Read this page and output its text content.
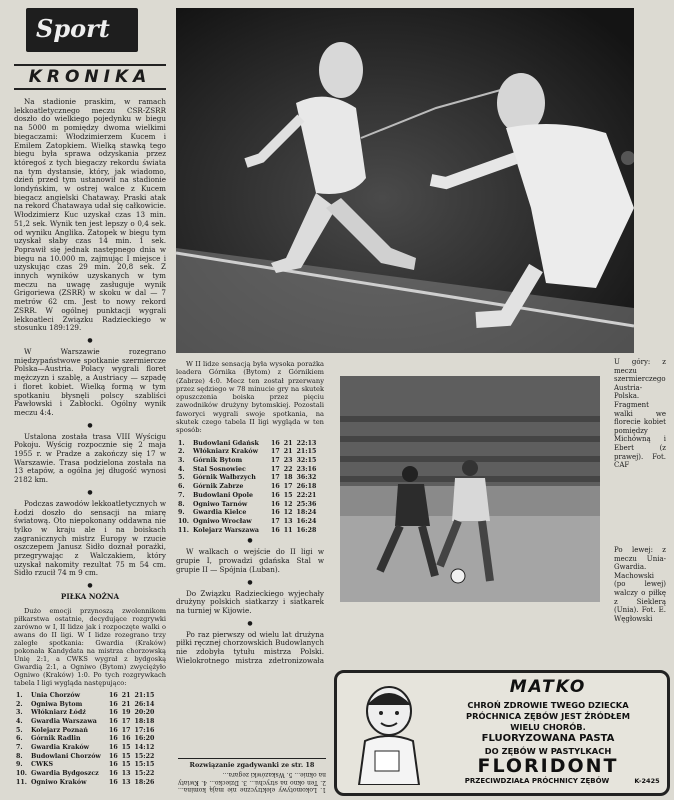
Sport
KRONIKA

Na stadionie praskim, w ramach lekkoatletycznego meczu CSR-ZSRR doszło do wielkiego pojedynku w biegu na 5000 m pomiędzy dwoma wielkimi biegaczami: Włodzimierzem Kucem i Emilem Zatopkiem. Wielką stawką tego biegu była sprawa odzyskania przez któregoś z tych biegaczy rekordu świata na tym dystansie, który, jak wiadomo, dzień przed tym ustanowił na stadionie londyńskim, w ostrej walce z Kucem biegacz angielski Chataway. Praski atak na rekord Chatawaya udał się całkowicie. Włodzimierz Kuc uzyskał czas 13 min. 51,2 sek. Wynik ten jest lepszy o 0,4 sek. od wyniku Anglika. Zatopek w biegu tym uzyskał słaby czas 14 min. 1 sek. Poprawił się jednak następnego dnia w biegu na 10.000 m, zajmując I miejsce i uzyskując czas 29 min. 20,8 sek. Z innych wyników uzyskanych w tym meczu na uwagę zasługuje wynik Grigoriewa (ZSRR) w skoku w dal — 7 metrów 62 cm. Jest to nowy rekord ZSRR. W ogólnej punktacji wygrali lekkoatleci Związku Radzieckiego w stosunku 189:129.

●

W Warszawie rozegrano międzypaństwowe spotkanie szermiercze Polska—Austria. Polacy wygrali floret mężczyzn i szablę, a Austriacy — szpadę i floret kobiet. Wielką formą w tym spotkaniu błysnęli polscy szabliści Pawłowski i Zabłocki. Ogólny wynik meczu 4:4.

●

Ustalona została trasa VIII Wyścigu Pokoju. Wyścig rozpocznie się 2 maja 1955 r. w Pradze a zakończy się 17 w Warszawie. Trasa podzielona została na 13 etapów, a ogólna jej długość wynosi 2182 km.

●

Podczas zawodów lekkoatletycznych w Łodzi doszło do sensacji na miarę światową. Oto niepokonany oddawna nie tylko w kraju ale i na boiskach zagranicznych mistrz Europy w rzucie oszczepem Janusz Sidło doznał porażki, przegrywając z Walczakiem, który uzyskał nakomity rezultat 75 m 54 cm. Sidło rzucił 74 m 9 cm.

●

PIŁKA NOŻNA

Dużo emocji przynoszą zwolennikom piłkarstwa ostatnie, decydujące rozgrywki zarówno w I, II lidze jak i rozpoczęte walki o awans do II ligi. W I lidze rozegrano trzy zaległe spotkania: Gwardia (Kraków) pokonała Kandydata na mistrza chorzowską Unię 2:1, a CWKS wygrał z bydgoską Gwardią 2:1, a Ogniwo (Bytom) zwyciężyło Ogniwo (Kraków) 1:0. Po tych rozgrywkach tabela I ligi wygląda następująco:

1.	Unia Chorzów	16	21	21:15
2.	Ogniwa Bytom	16	21	26:14
3.	Włókniarz Łódź	16	19	20:20
4.	Gwardia Warszawa	16	17	18:18
5.	Kolejarz Poznań	16	17	17:16
6.	Górnik Radlin	16	16	16:20
7.	Gwardia Kraków	16	15	14:12
8.	Budowlani Chorzów	16	15	15:22
9.	CWKS	16	15	15:15
10.	Gwardia Bydgoszcz	16	13	15:22
11.	Ogniwo Kraków	16	13	18:26
U góry: z meczu szermierczego Austria-Polska. Fragment walki we florecie kobiet pomiędzy Michówną i Ebert (z prawej). Fot. CAF

W II lidze sensacją była wysoka porażka leadera Górnika (Bytom) z Górnikiem (Zabrze) 4:0. Mecz ten został przerwany przez sędziego w 78 minucie gry na skutek opuszczenia boiska przez pięciu zawodników drużyny bytomskiej. Pozostali faworyci wygrali swoje spotkania, na skutek czego tabela II ligi wygląda w ten sposób:

1.	Budowlani Gdańsk	16	21	22:13
2.	Włókniarz Kraków	17	21	21:15
3.	Górnik Bytom	17	23	32:15
4.	Stal Sosnowiec	17	22	23:16
5.	Górnik Wałbrzych	17	18	36:32
6.	Górnik Zabrze	16	17	26:18
7.	Budowlani Opole	16	15	22:21
8.	Ogniwo Tarnów	16	12	25:36
9.	Gwardia Kielce	16	12	18:24
10.	Ogniwo Wrocław	17	13	16:24
11.	Kolejarz Warszawa	16	11	16:28
●

W walkach o wejście do II ligi w grupie I, prowadzi gdańska Stal w grupie II — Spójnia (Luban).

●

Do Związku Radzieckiego wyjechały drużyny polskich siatkarzy i siatkarek na turniej w Kijowie.

●

Po raz pierwszy od wielu lat drużyna piłki ręcznej chorzowskich Budowlanych nie zdobyła tytułu mistrza Polski. Wielokrotnego mistrza zdetronizowała

Po lewej: z meczu Unia-Gwardia. Machowski (po lewej) walczy o piłkę z Sieklerą (Unia). Fot. E. Węgłowski
MATKO
CHROŃ ZDROWIE TWEGO DZIECKA
PRÓCHNICA ZĘBÓW JEST ŹRÓDŁEM
WIELU CHORÓB.
FLUORYZOWANA PASTA
DO ZĘBÓW W PASTYLKACH
FLORIDONT
PRZECIWDZIAŁA PRÓCHNICY ZĘBÓW	K-2425
Rozwiązanie zgadywanki ze str. 18
1. Lokomotywy elektryczne nie mają komina... 2. Ten okno na strychu... 3. Dziecko... 4. Kwiaty na oknie... 5. Wskazówki zegara...
